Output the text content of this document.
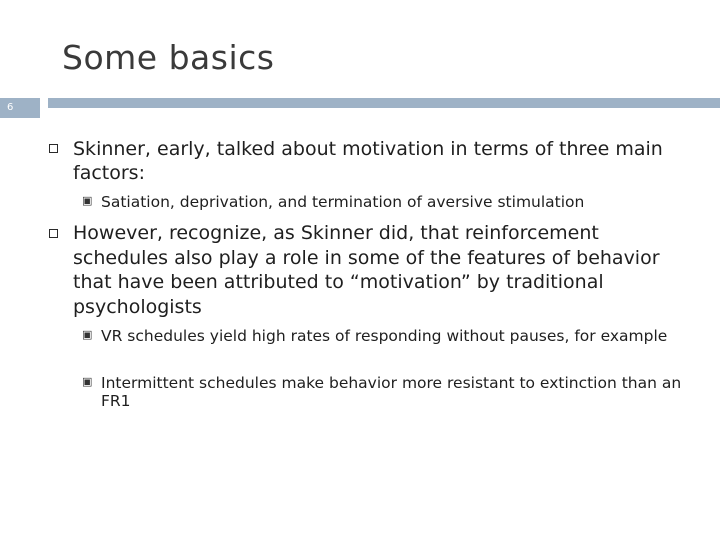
Some basics
6
Skinner, early, talked about motivation in terms of three main factors:
▣ Satiation, deprivation, and termination of aversive stimulation
However, recognize, as Skinner did, that reinforcement schedules also play a role in some of the features of behavior that have been attributed to “motivation” by traditional psychologists
▣ VR schedules yield high rates of responding without pauses, for example
▣ Intermittent schedules make behavior more resistant to extinction than an FR1
